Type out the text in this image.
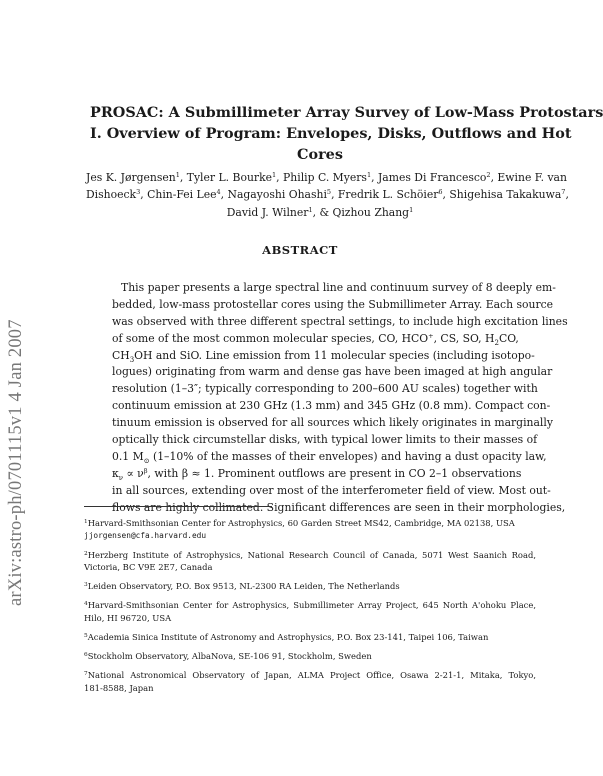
arXiv:astro-ph/0701115v1 4 Jan 2007
PROSAC: A Submillimeter Array Survey of Low-Mass Protostars
I. Overview of Program: Envelopes, Disks, Outflows and Hot
Cores
Jes K. Jørgensen$^1$, Tyler L. Bourke$^1$, Philip C. Myers$^1$, James Di Francesco$^2$, Ewine F. van
Dishoeck$^3$, Chin-Fei Lee$^4$, Nagayoshi Ohashi$^5$, Fredrik L. Schöier$^6$, Shigehisa Takakuwa$^7$,
David J. Wilner$^1$, & Qizhou Zhang$^1$
ABSTRACT
This paper presents a large spectral line and continuum survey of 8 deeply em-
bedded, low-mass protostellar cores using the Submillimeter Array. Each source
was observed with three different spectral settings, to include high excitation lines
of some of the most common molecular species, CO, HCO+, CS, SO, $H_2CO$,
$CH_3OH$ and SiO. Line emission from 11 molecular species (including isotopo-
logues) originating from warm and dense gas have been imaged at high angular
resolution (1–3″; typically corresponding to 200–600 AU scales) together with
continuum emission at 230 GHz (1.3 mm) and 345 GHz (0.8 mm). Compact con-
tinuum emission is observed for all sources which likely originates in marginally
optically thick circumstellar disks, with typical lower limits to their masses of
0.1 $M_⊙$ (1–10% of the masses of their envelopes) and having a dust opacity law,
$\kappa_\nu \propto \nu^\beta$, with β ≈ 1. Prominent outflows are present in CO 2–1 observations
in all sources, extending over most of the interferometer field of view. Most out-
flows are highly collimated. Significant differences are seen in their morphologies,
$^1$Harvard-Smithsonian Center for Astrophysics, 60 Garden Street MS42, Cambridge, MA 02138, USA
jjorgensen@cfa.harvard.edu
$^2$Herzberg Institute of Astrophysics, National Research Council of Canada, 5071 West Saanich Road,
Victoria, BC V9E 2E7, Canada
$^3$Leiden Observatory, P.O. Box 9513, NL-2300 RA Leiden, The Netherlands
$^4$Harvard-Smithsonian Center for Astrophysics, Submillimeter Array Project, 645 North A'ohoku Place,
Hilo, HI 96720, USA
$^5$Academia Sinica Institute of Astronomy and Astrophysics, P.O. Box 23-141, Taipei 106, Taiwan
$^6$Stockholm Observatory, AlbaNova, SE-106 91, Stockholm, Sweden
$^7$National Astronomical Observatory of Japan, ALMA Project Office, Osawa 2-21-1, Mitaka, Tokyo,
181-8588, Japan
